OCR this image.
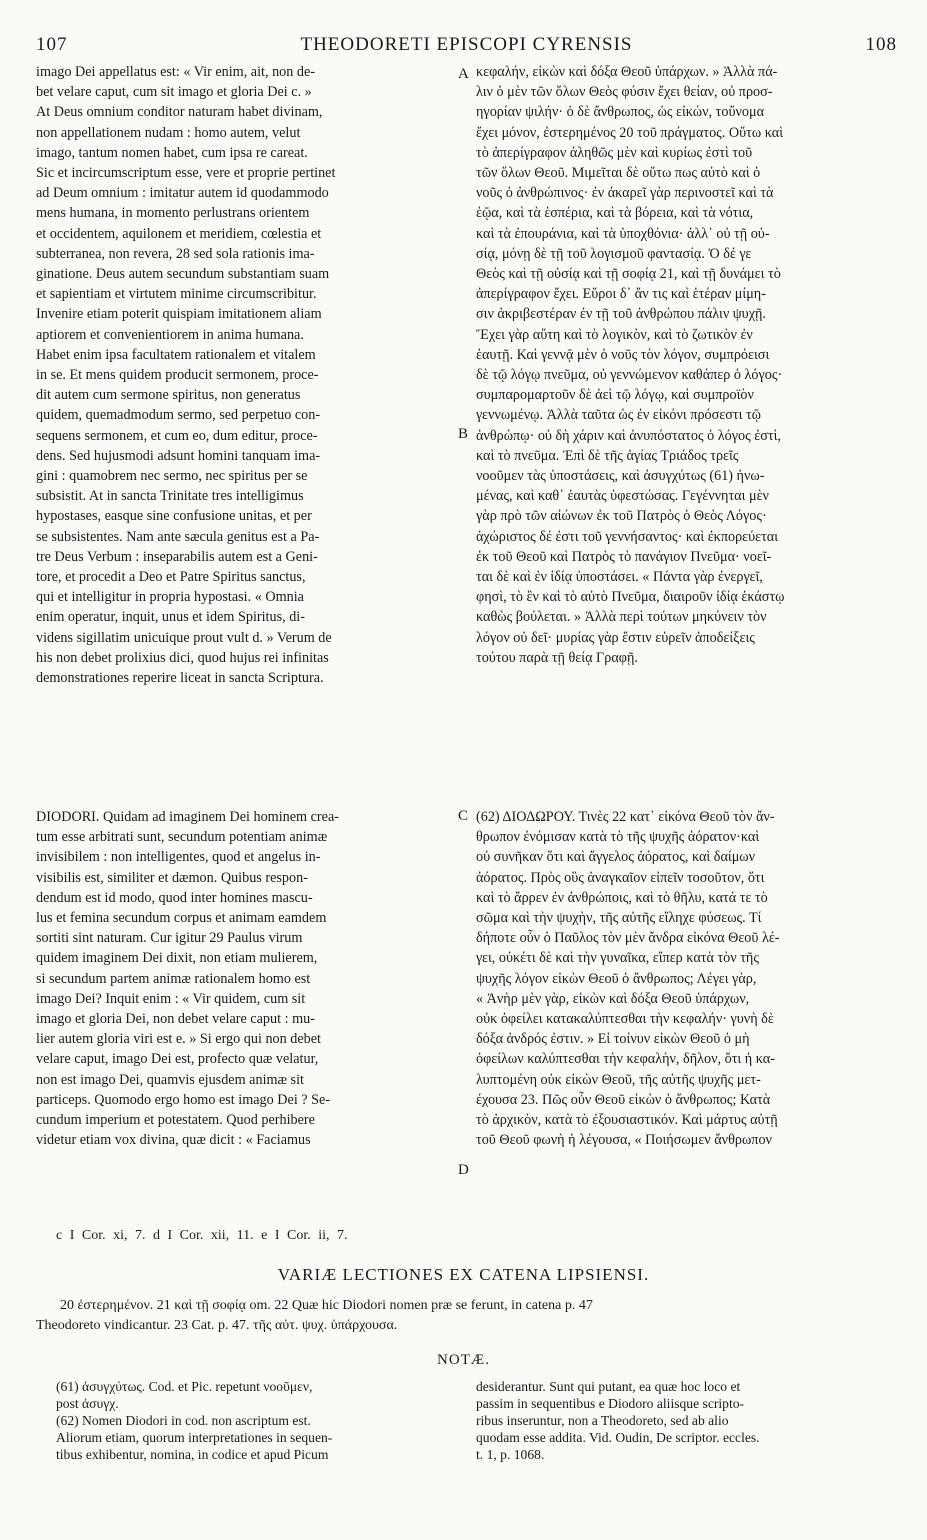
107	THEODORETI EPISCOPI CYRENSIS	108

imago Dei appellatus est: « Vir enim, ait, non de-

bet velare caput, cum sit imago et gloria Dei c. »

At Deus omnium conditor naturam habet divinam,

non appellationem nudam : homo autem, velut

imago, tantum nomen habet, cum ipsa re careat.

Sic et incircumscriptum esse, vere et proprie pertinet

ad Deum omnium : imitatur autem id quodammodo

mens humana, in momento perlustrans orientem

et occidentem, aquilonem et meridiem, cœlestia et

subterranea, non revera, 28 sed sola rationis ima-

ginatione. Deus autem secundum substantiam suam

et sapientiam et virtutem minime circumscribitur.

Invenire etiam poterit quispiam imitationem aliam

aptiorem et convenientiorem in anima humana.

Habet enim ipsa facultatem rationalem et vitalem

in se. Et mens quidem producit sermonem, proce-

dit autem cum sermone spiritus, non generatus

quidem, quemadmodum sermo, sed perpetuo con-

sequens sermonem, et cum eo, dum editur, proce-

dens. Sed hujusmodi adsunt homini tanquam ima-

gini : quamobrem nec sermo, nec spiritus per se

subsistit. At in sancta Trinitate tres intelligimus

hypostases, easque sine confusione unitas, et per

se subsistentes. Nam ante sæcula genitus est a Pa-

tre Deus Verbum : inseparabilis autem est a Geni-

tore, et procedit a Deo et Patre Spiritus sanctus,

qui et intelligitur in propria hypostasi. « Omnia

enim operatur, inquit, unus et idem Spiritus, di-

videns sigillatim unicuique prout vult d. » Verum de

his non debet prolixius dici, quod hujus rei infinitas

demonstrationes reperire liceat in sancta Scriptura.

κεφαλήν, εἰκὼν καὶ δόξα Θεοῦ ὑπάρχων. » Ἀλλὰ πά-

λιν ὁ μὲν τῶν ὅλων Θεὸς φύσιν ἔχει θείαν, οὐ προσ-

ηγορίαν ψιλήν· ὁ δὲ ἄνθρωπος, ὡς εἰκών, τοὔνομα

ἔχει μόνον, ἐστερημένος 20 τοῦ πράγματος. Οὕτω καὶ

τὸ ἀπερίγραφον ἀληθῶς μὲν καὶ κυρίως ἐστὶ τοῦ

τῶν ὅλων Θεοῦ. Μιμεῖται δὲ οὕτω πως αὐτὸ καὶ ὁ

νοῦς ὁ ἀνθρώπινος· ἐν ἀκαρεῖ γὰρ περινοστεῖ καὶ τὰ

ἑῷα, καὶ τὰ ἑσπέρια, καὶ τὰ βόρεια, καὶ τὰ νότια,

καὶ τὰ ἐπουράνια, καὶ τὰ ὑποχθόνια· ἀλλ᾽ οὐ τῇ οὐ-

σίᾳ, μόνῃ δὲ τῇ τοῦ λογισμοῦ φαντασίᾳ. Ὁ δέ γε

Θεὸς καὶ τῇ οὐσίᾳ καὶ τῇ σοφίᾳ 21, καὶ τῇ δυνάμει τὸ

ἀπερίγραφον ἔχει. Εὕροι δ᾽ ἄν τις καὶ ἑτέραν μίμη-

σιν ἀκριβεστέραν ἐν τῇ τοῦ ἀνθρώπου πάλιν ψυχῇ.

Ἔχει γὰρ αὕτη καὶ τὸ λογικὸν, καὶ τὸ ζωτικὸν ἐν

ἑαυτῇ. Καὶ γεννᾷ μὲν ὁ νοῦς τὸν λόγον, συμπρόεισι

δὲ τῷ λόγῳ πνεῦμα, οὐ γεννώμενον καθάπερ ὁ λόγος·

συμπαρομαρτοῦν δὲ ἀεὶ τῷ λόγῳ, καὶ συμπροϊὸν

γεννωμένῳ. Ἀλλὰ ταῦτα ὡς ἐν εἰκόνι πρόσεστι τῷ

ἀνθρώπῳ· οὐ δὴ χάριν καὶ ἀνυπόστατος ὁ λόγος ἐστὶ,

καὶ τὸ πνεῦμα. Ἐπὶ δὲ τῆς ἁγίας Τριάδος τρεῖς

νοοῦμεν τὰς ὑποστάσεις, καὶ ἀσυγχύτως (61) ἡνω-

μένας, καὶ καθ᾽ ἑαυτὰς ὑφεστώσας. Γεγέννηται μὲν

γὰρ πρὸ τῶν αἰώνων ἐκ τοῦ Πατρὸς ὁ Θεὸς Λόγος·

ἀχώριστος δέ ἐστι τοῦ γεννήσαντος· καὶ ἐκπορεύεται

ἐκ τοῦ Θεοῦ καὶ Πατρὸς τὸ πανάγιον Πνεῦμα· νοεῖ-

ται δὲ καὶ ἐν ἰδίᾳ ὑποστάσει. « Πάντα γὰρ ἐνεργεῖ,

φησὶ, τὸ ἓν καὶ τὸ αὐτὸ Πνεῦμα, διαιροῦν ἰδίᾳ ἑκάστῳ

καθὼς βούλεται. » Ἀλλὰ περὶ τούτων μηκύνειν τὸν

λόγον οὐ δεῖ· μυρίας γὰρ ἔστιν εὑρεῖν ἀποδείξεις

τούτου παρὰ τῇ θείᾳ Γραφῇ.

A
B
C
D

DIODORI. Quidam ad imaginem Dei hominem crea-

tum esse arbitrati sunt, secundum potentiam animæ

invisibilem : non intelligentes, quod et angelus in-

visibilis est, similiter et dæmon. Quibus respon-

dendum est id modo, quod inter homines mascu-

lus et femina secundum corpus et animam eamdem

sortiti sint naturam. Cur igitur 29 Paulus virum

quidem imaginem Dei dixit, non etiam mulierem,

si secundum partem animæ rationalem homo est

imago Dei? Inquit enim : « Vir quidem, cum sit

imago et gloria Dei, non debet velare caput : mu-

lier autem gloria viri est e. » Si ergo qui non debet

velare caput, imago Dei est, profecto quæ velatur,

non est imago Dei, quamvis ejusdem animæ sit

particeps. Quomodo ergo homo est imago Dei ? Se-

cundum imperium et potestatem. Quod perhibere

videtur etiam vox divina, quæ dicit : « Faciamus

(62) ΔΙΟΔΩΡΟΥ. Τινὲς 22 κατ᾽ εἰκόνα Θεοῦ τὸν ἄν-

θρωπον ἐνόμισαν κατὰ τὸ τῆς ψυχῆς ἀόρατον·καὶ

οὐ συνῆκαν ὅτι καὶ ἄγγελος ἀόρατος, καὶ δαίμων

ἀόρατος. Πρὸς οὓς ἀναγκαῖον εἰπεῖν τοσοῦτον, ὅτι

καὶ τὸ ἄρρεν ἐν ἀνθρώποις, καὶ τὸ θῆλυ, κατά τε τὸ

σῶμα καὶ τὴν ψυχὴν, τῆς αὐτῆς εἴληχε φύσεως. Τί

δήποτε οὖν ὁ Παῦλος τὸν μὲν ἄνδρα εἰκόνα Θεοῦ λέ-

γει, οὐκέτι δὲ καὶ τὴν γυναῖκα, εἴπερ κατὰ τὸν τῆς

ψυχῆς λόγον εἰκὼν Θεοῦ ὁ ἄνθρωπος; Λέγει γὰρ,

« Ἀνὴρ μὲν γὰρ, εἰκὼν καὶ δόξα Θεοῦ ὑπάρχων,

οὐκ ὀφείλει κατακαλύπτεσθαι τὴν κεφαλήν· γυνὴ δὲ

δόξα ἀνδρός ἐστιν. » Εἰ τοίνυν εἰκὼν Θεοῦ ὁ μὴ

ὀφείλων καλύπτεσθαι τὴν κεφαλὴν, δῆλον, ὅτι ἡ κα-

λυπτομένη οὐκ εἰκὼν Θεοῦ, τῆς αὐτῆς ψυχῆς μετ-

έχουσα 23. Πῶς οὖν Θεοῦ εἰκὼν ὁ ἄνθρωπος; Κατὰ

τὸ ἀρχικὸν, κατὰ τὸ ἐξουσιαστικόν. Καὶ μάρτυς αὐτῇ

τοῦ Θεοῦ φωνὴ ἡ λέγουσα, « Ποιήσωμεν ἄνθρωπον

c I Cor. xi, 7. d I Cor. xii, 11. e I Cor. ii, 7.
VARIÆ LECTIONES EX CATENA LIPSIENSI.

20 ἐστερημένον. 21 καὶ τῇ σοφίᾳ om. 22 Quæ hic Diodori nomen præ se ferunt, in catena p. 47

Theodoreto vindicantur. 23 Cat. p. 47. τῆς αὐτ. ψυχ. ὑπάρχουσα.

NOTÆ.

(61) ἀσυγχύτως. Cod. et Pic. repetunt νοοῦμεν,

post ἀσυγχ.

(62) Nomen Diodori in cod. non ascriptum est.

Aliorum etiam, quorum interpretationes in sequen-

tibus exhibentur, nomina, in codice et apud Picum

desiderantur. Sunt qui putant, ea quæ hoc loco et

passim in sequentibus e Diodoro aliisque scripto-

ribus inseruntur, non a Theodoreto, sed ab alio

quodam esse addita. Vid. Oudin, De scriptor. eccles.

t. 1, p. 1068.
